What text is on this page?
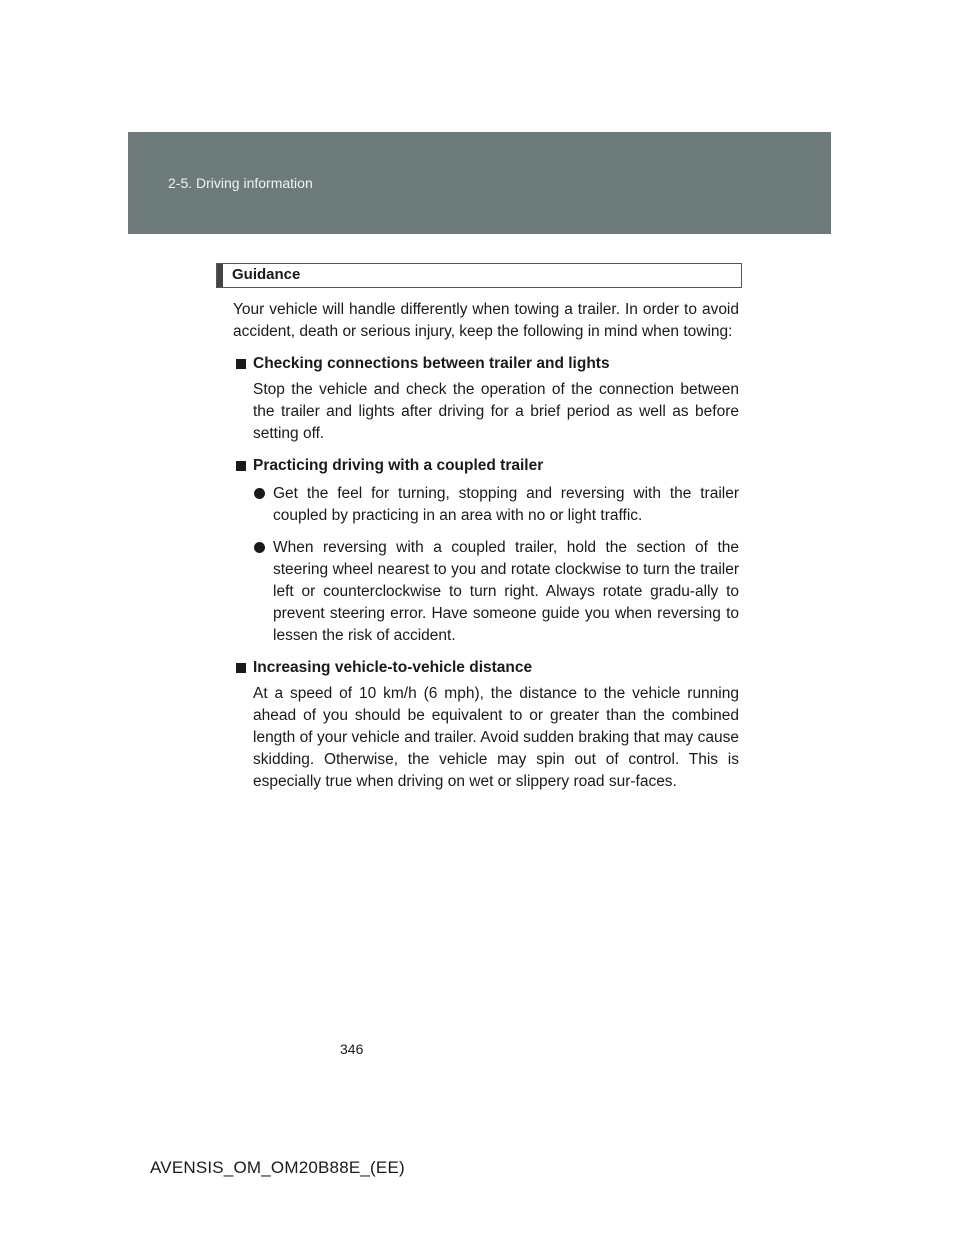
2-5. Driving information
Guidance

Your vehicle will handle differently when towing a trailer. In order to avoid accident, death or serious injury, keep the following in mind when towing:

Checking connections between trailer and lights

Stop the vehicle and check the operation of the connection between the trailer and lights after driving for a brief period as well as before setting off.

Practicing driving with a coupled trailer

Get the feel for turning, stopping and reversing with the trailer coupled by practicing in an area with no or light traffic.

When reversing with a coupled trailer, hold the section of the steering wheel nearest to you and rotate clockwise to turn the trailer left or counterclockwise to turn right. Always rotate gradu-ally to prevent steering error. Have someone guide you when reversing to lessen the risk of accident.

Increasing vehicle-to-vehicle distance

At a speed of 10 km/h (6 mph), the distance to the vehicle running ahead of you should be equivalent to or greater than the combined length of your vehicle and trailer. Avoid sudden braking that may cause skidding. Otherwise, the vehicle may spin out of control. This is especially true when driving on wet or slippery road sur-faces.

346
AVENSIS_OM_OM20B88E_(EE)
